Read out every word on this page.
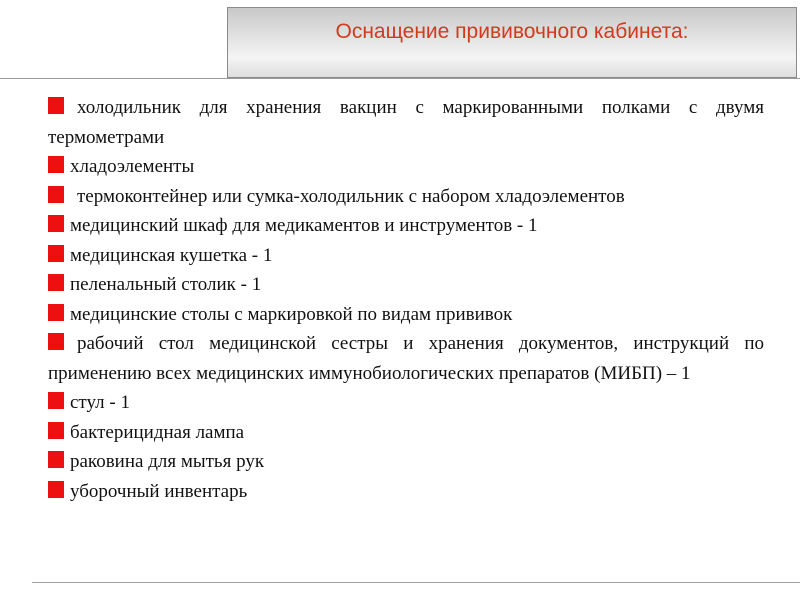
Оснащение прививочного кабинета:
холодильник для хранения вакцин с маркированными полками с двумя термометрами
хладоэлементы
термоконтейнер или сумка-холодильник с набором хладоэлементов
медицинский шкаф для медикаментов и инструментов - 1
медицинская кушетка - 1
пеленальный столик - 1
медицинские столы с маркировкой по видам прививок
рабочий стол медицинской сестры и хранения документов, инструкций по применению всех медицинских иммунобиологических препаратов (МИБП) – 1
стул - 1
бактерицидная лампа
раковина для мытья рук
уборочный инвентарь
